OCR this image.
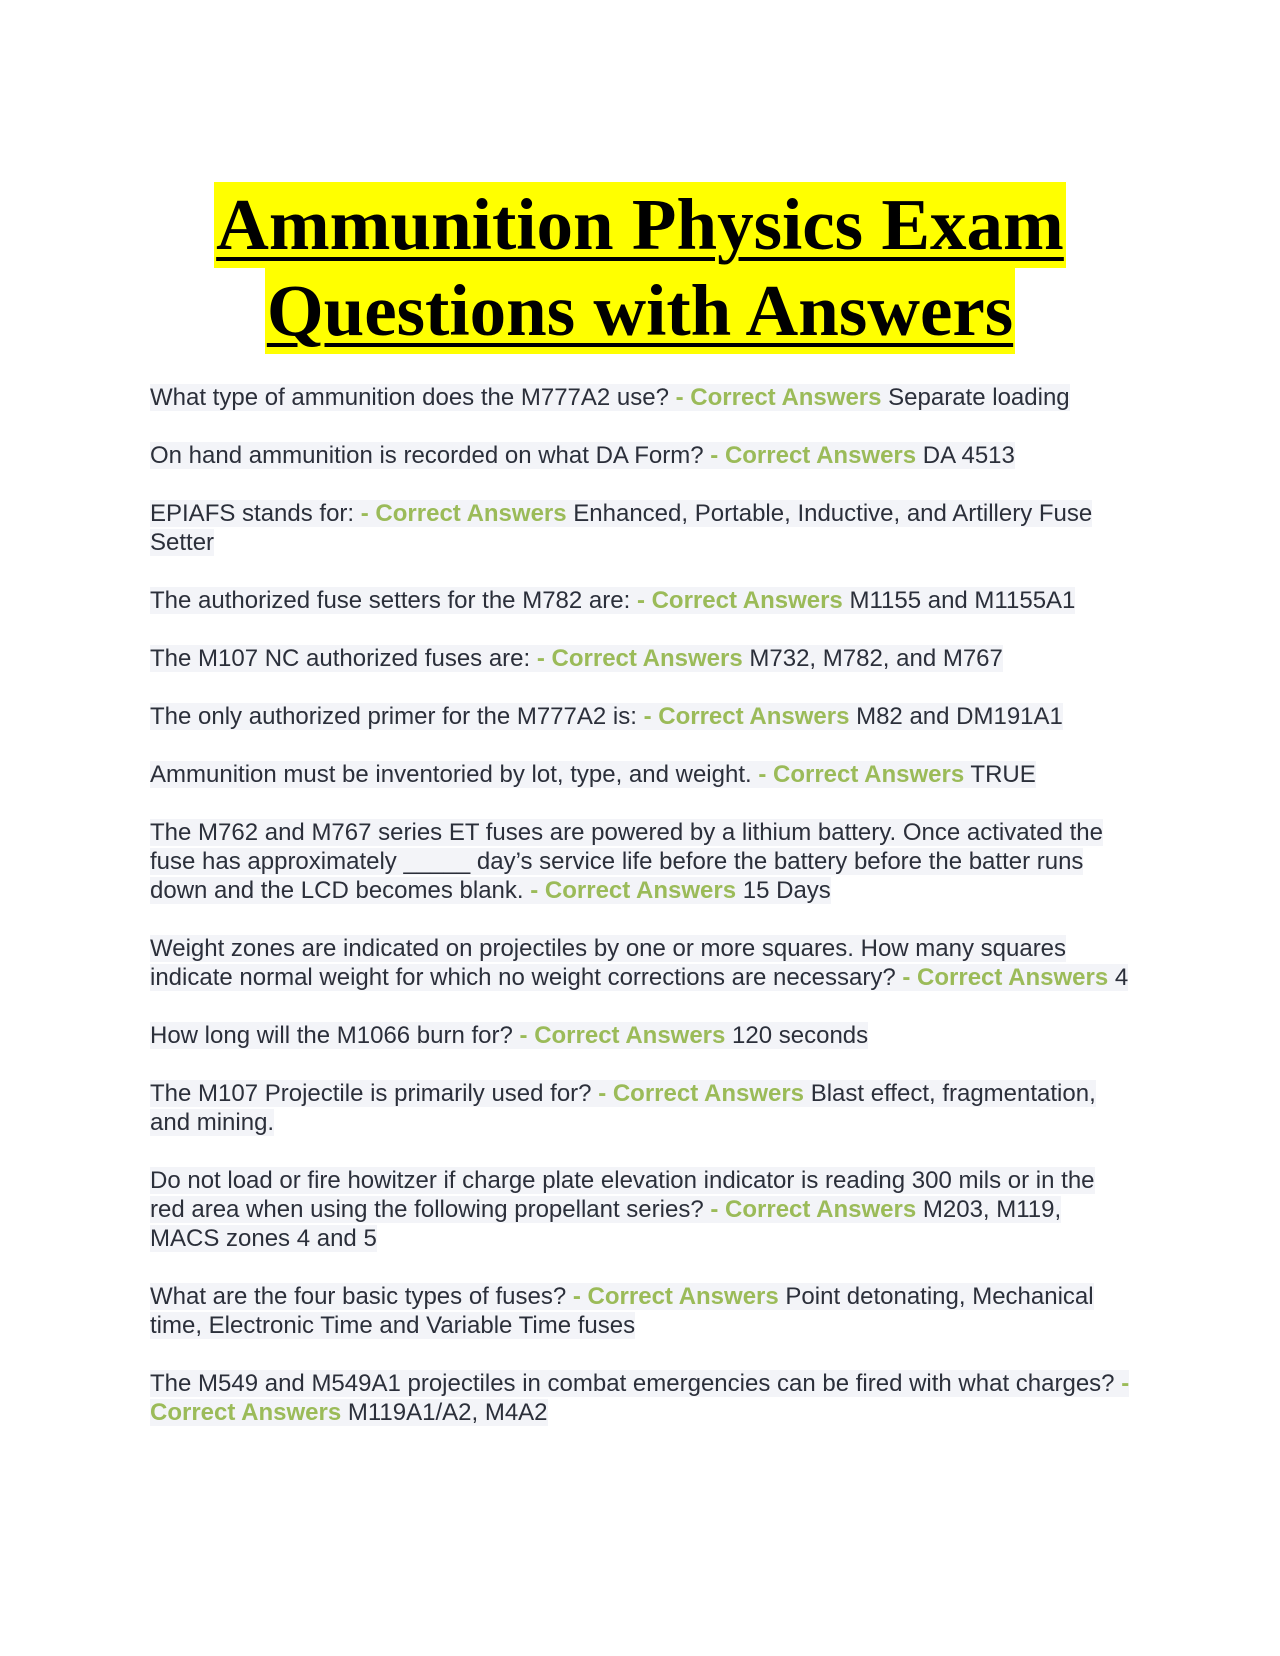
Ammunition Physics Exam
Questions with Answers

What type of ammunition does the M777A2 use? - Correct Answers Separate loading

On hand ammunition is recorded on what DA Form? - Correct Answers DA 4513

EPIAFS stands for: - Correct Answers Enhanced, Portable, Inductive, and Artillery Fuse Setter

The authorized fuse setters for the M782 are: - Correct Answers M1155 and M1155A1

The M107 NC authorized fuses are: - Correct Answers M732, M782, and M767

The only authorized primer for the M777A2 is: - Correct Answers M82 and DM191A1

Ammunition must be inventoried by lot, type, and weight. - Correct Answers TRUE

The M762 and M767 series ET fuses are powered by a lithium battery. Once activated the fuse has approximately _____ day’s service life before the battery before the batter runs down and the LCD becomes blank. - Correct Answers 15 Days

Weight zones are indicated on projectiles by one or more squares. How many squares indicate normal weight for which no weight corrections are necessary? - Correct Answers 4

How long will the M1066 burn for? - Correct Answers 120 seconds

The M107 Projectile is primarily used for? - Correct Answers Blast effect, fragmentation, and mining.

Do not load or fire howitzer if charge plate elevation indicator is reading 300 mils or in the red area when using the following propellant series? - Correct Answers M203, M119, MACS zones 4 and 5

What are the four basic types of fuses? - Correct Answers Point detonating, Mechanical time, Electronic Time and Variable Time fuses

The M549 and M549A1 projectiles in combat emergencies can be fired with what charges? - Correct Answers M119A1/A2, M4A2
